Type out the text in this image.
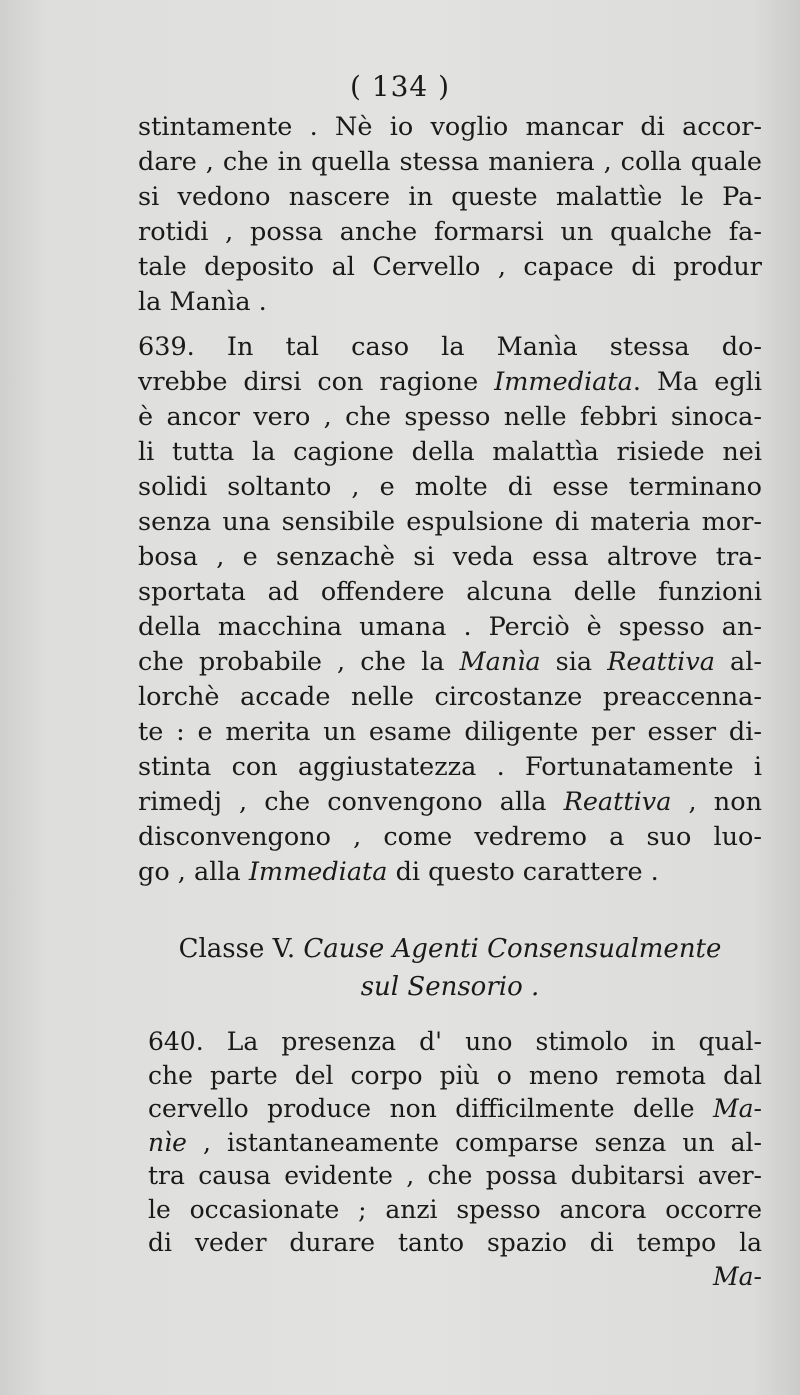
( 134 )
stintamente . Nè io voglio mancar di accor-
dare , che in quella stessa maniera , colla quale
si vedono nascere in queste malattìe le Pa-
rotidi , possa anche formarsi un qualche fa-
tale deposito al Cervello , capace di produr
la Manìa .
639. In tal caso la Manìa stessa do-
vrebbe dirsi con ragione Immediata. Ma egli
è ancor vero , che spesso nelle febbri sinoca-
li tutta la cagione della malattìa risiede nei
solidi soltanto , e molte di esse terminano
senza una sensibile espulsione di materia mor-
bosa , e senzachè si veda essa altrove tra-
sportata ad offendere alcuna delle funzioni
della macchina umana . Perciò è spesso an-
che probabile , che la Manìa sia Reattiva al-
lorchè accade nelle circostanze preaccenna-
te : e merita un esame diligente per esser di-
stinta con aggiustatezza . Fortunatamente i
rimedj , che convengono alla Reattiva , non
disconvengono , come vedremo a suo luo-
go , alla Immediata di questo carattere .
Classe V. Cause Agenti Consensualmente
sul Sensorio .
640. La presenza d' uno stimolo in qual-
che parte del corpo più o meno remota dal
cervello produce non difficilmente delle Ma-
nìe , istantaneamente comparse senza un al-
tra causa evidente , che possa dubitarsi aver-
le occasionate ; anzi spesso ancora occorre
di veder durare tanto spazio di tempo la
Ma-
